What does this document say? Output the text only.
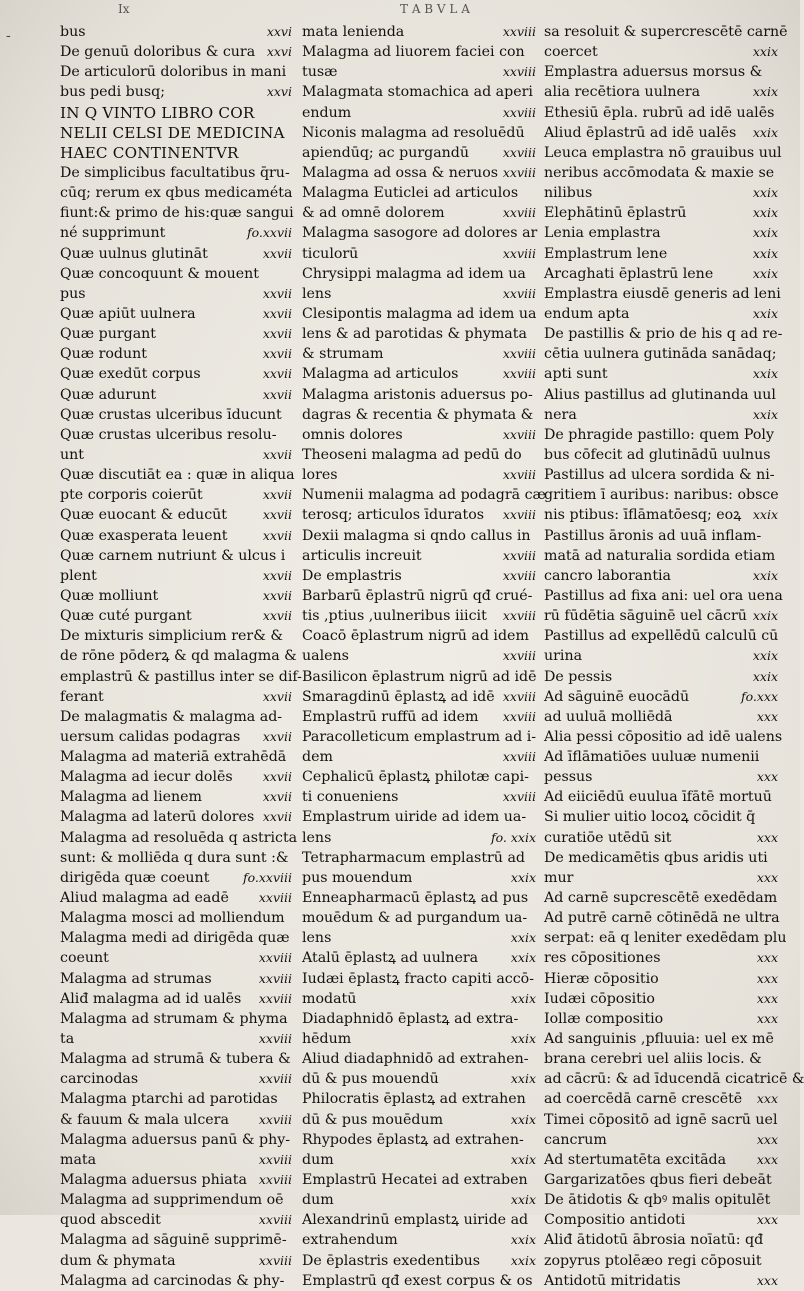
Ix	T A B V L A
-	bus	xxvi
De genuū doloribus & cura xxvi
De articulorū doloribus in mani
bus pedi busq;	xxvi
IN Q VINTO LIBRO COR
NELII CELSI DE MEDICINA
HAEC CONTINENTVR
De simplicibus facultatibus q̄ru-
cūq; rerum ex qbus medicaméta
fiunt:& primo de his:quæ sangui
né supprimunt	fo.xxvii
Quæ uulnus glutināt	xxvii
Quæ concoquunt & mouent
pus	xxvii
Quæ apiūt uulnera	xxvii
Quæ purgant	xxvii
Quæ rodunt	xxvii
Quæ exedūt corpus	xxvii
Quæ adurunt	xxvii
Quæ crustas ulceribus īducunt
Quæ crustas ulceribus resolu-
unt	xxvii
Quæ discutiāt ea : quæ in aliqua
pte corporis coierūt	xxvii
Quæ euocant & educūt	xxvii
Quæ exasperata leuent	xxvii
Quæ carnem nutriunt & ulcus i
plent	xxvii
Quæ molliunt	xxvii
Quæ cuté purgant	xxvii
De mixturis simplicium rer& &
de rōne pōderꝝ & qd malagma &
emplastrū & pastillus inter se dif-
ferant	xxvii
De malagmatis & malagma ad-
uersum calidas podagras xxvii
Malagma ad materiā extrahēdā
Malagma ad iecur dolēs xxvii
Malagma ad lienem	xxvii
Malagma ad laterū dolores xxvii
Malagma ad resoluēda q astricta
sunt: & molliēda q dura sunt :&
dirigēda quæ coeunt	fo.xxviii
Aliud malagma ad eadē xxviii
Malagma mosci ad molliendum
Malagma medi ad dirigēda quæ
coeunt	xxviii
Malagma ad strumas	xxviii
Aliđ malagma ad id ualēs xxviii
Malagma ad strumam & phyma
ta	xxviii
Malagma ad strumā & tubera &
carcinodas	xxviii
Malagma ptarchi ad parotidas
& fauum & mala ulcera xxviii
Malagma aduersus panū & phy-
mata	xxviii
Malagma aduersus phiata xxviii
Malagma ad supprimendum oē
quod abscedit	xxviii
Malagma ad sāguinē supprimē-
dum & phymata	xxviii
Malagma ad carcinodas & phy-
mata lenienda	xxviii
Malagma ad liuorem faciei con
tusæ	xxviii
Malagmata stomachica ad aperi
endum	xxviii
Niconis malagma ad resoluēdū
apiendūq; ac purgandū	xxviii
Malagma ad ossa & neruos xxviii
Malagma Euticlei ad articulos
& ad omnē dolorem	xxviii
Malagma sasogore ad dolores ar
ticulorū	xxviii
Chrysippi malagma ad idem ua
lens	xxviii
Clesipontis malagma ad idem ua
lens & ad parotidas & phymata
& strumam	xxviii
Malagma ad articulos	xxviii
Malagma aristonis aduersus po-
dagras & recentia & phymata &
omnis dolores	xxviii
Theoseni malagma ad pedū do
lores	xxviii
Numenii malagma ad podagrā cæ
terosq; articulos īduratos xxviii
Dexii malagma si qndo callus in
articulis increuit	xxviii
De emplastris	xxviii
Barbarū ēplastrū nigrū qđ crué-
tis ,ptius ,uulneribus iiicit xxviii
Coacō ēplastrum nigrū ad idem
ualens	xxviii
Basilicon ēplastrum nigrū ad idē
Smaragdinū ēplastꝝ ad idē xxviii
Emplastrū ruffū ad idem xxviii
Paracolleticum emplastrum ad i-
dem	xxviii
Cephalicū ēplastꝝ philotæ capi-
ti conueniens	xxviii
Emplastrum uiride ad idem ua-
lens	fo. xxix
Tetrapharmacum emplastrū ad
pus mouendum	xxix
Enneapharmacū ēplastꝝ ad pus
mouēdum & ad purgandum ua-
lens	xxix
Atalū ēplastꝝ ad uulnera	xxix
Iudæi ēplastꝝ fracto capiti accō-
modatū	xxix
Diadaphnidō ēplastꝝ ad extra-
hēdum	xxix
Aliud diadaphnidō ad extrahen-
dū & pus mouendū	xxix
Philocratis ēplastꝝ ad extrahen
dū & pus mouēdum	xxix
Rhypodes ēplastꝝ ad extrahen-
dum	xxix
Emplastrū Hecatei ad extraben
dum	xxix
Alexandrinū emplastꝝ uiride ad
extrahendum	xxix
De ēplastris exedentibus xxix
Emplastrū qđ exest corpus & os
sa resoluit & supercrescētē carnē
coercet	xxix
Emplastra aduersus morsus &
alia recētiora uulnera	xxix
Ethesiū ēpla. rubrū ad idē ualēs
Aliud ēplastrū ad idē ualēs xxix
Leuca emplastra nō grauibus uul
neribus accōmodata & maxie se
nilibus	xxix
Elephātinū ēplastrū	xxix
Lenia emplastra	xxix
Emplastrum lene	xxix
Arcaghati ēplastrū lene	xxix
Emplastra eiusdē generis ad leni
endum apta	xxix
De pastillis & prio de his q ad re-
cētia uulnera gutināda sanādaq;
apti sunt	xxix
Alius pastillus ad glutinanda uul
nera	xxix
De phragide pastillo: quem Poly
bus cōfecit ad glutinādū uulnus
Pastillus ad ulcera sordida & ni-
gritiem ī auribus: naribus: obsce
nis ptibus: īflāmatōesq; eoꝝ xxix
Pastillus āronis ad uuā inflam-
matā ad naturalia sordida etiam
cancro laborantia	xxix
Pastillus ad fixa ani: uel ora uena
rū fūdētia sāguinē uel cācrū xxix
Pastillus ad expellēdū calculū cū
urina	xxix
De pessis	xxix
Ad sāguinē euocādū	fo.xxx
ad uuluā molliēdā	xxx
Alia pessi cōpositio ad idē ualens
Ad īflāmatiōes uuluæ numenii
pessus	xxx
Ad eiiciēdū euulua īfātē mortuū
Si mulier uitio locoꝝ cōcidit q̄
curatiōe utēdū sit	xxx
De medicamētis qbus aridis uti
mur	xxx
Ad carnē supcrescētē exedēdam
Ad putrē carnē cōtinēdā ne ultra
serpat: eā q leniter exedēdam plu
res cōpositiones	xxx
Hieræ cōpositio	xxx
Iudæi cōpositio	xxx
Iollæ compositio	xxx
Ad sanguinis ,pfluuia: uel ex mē
brana cerebri uel aliis locis. &
ad cācrū: & ad īducendā cicatricē &
ad coercēdā carnē crescētē xxx
Timei cōpositō ad ignē sacrū uel
cancrum	xxx
Ad stertumatēta excitāda xxx
Gargarizatōes qbus fieri debeāt
De ātidotis & qbꝰ malis opitulēt
Compositio antidoti	xxx
Aliđ ātidotū ābrosia noīatū: qđ
zopyrus ptolēæo regi cōposuit
Antidotū mitridatis	xxx
